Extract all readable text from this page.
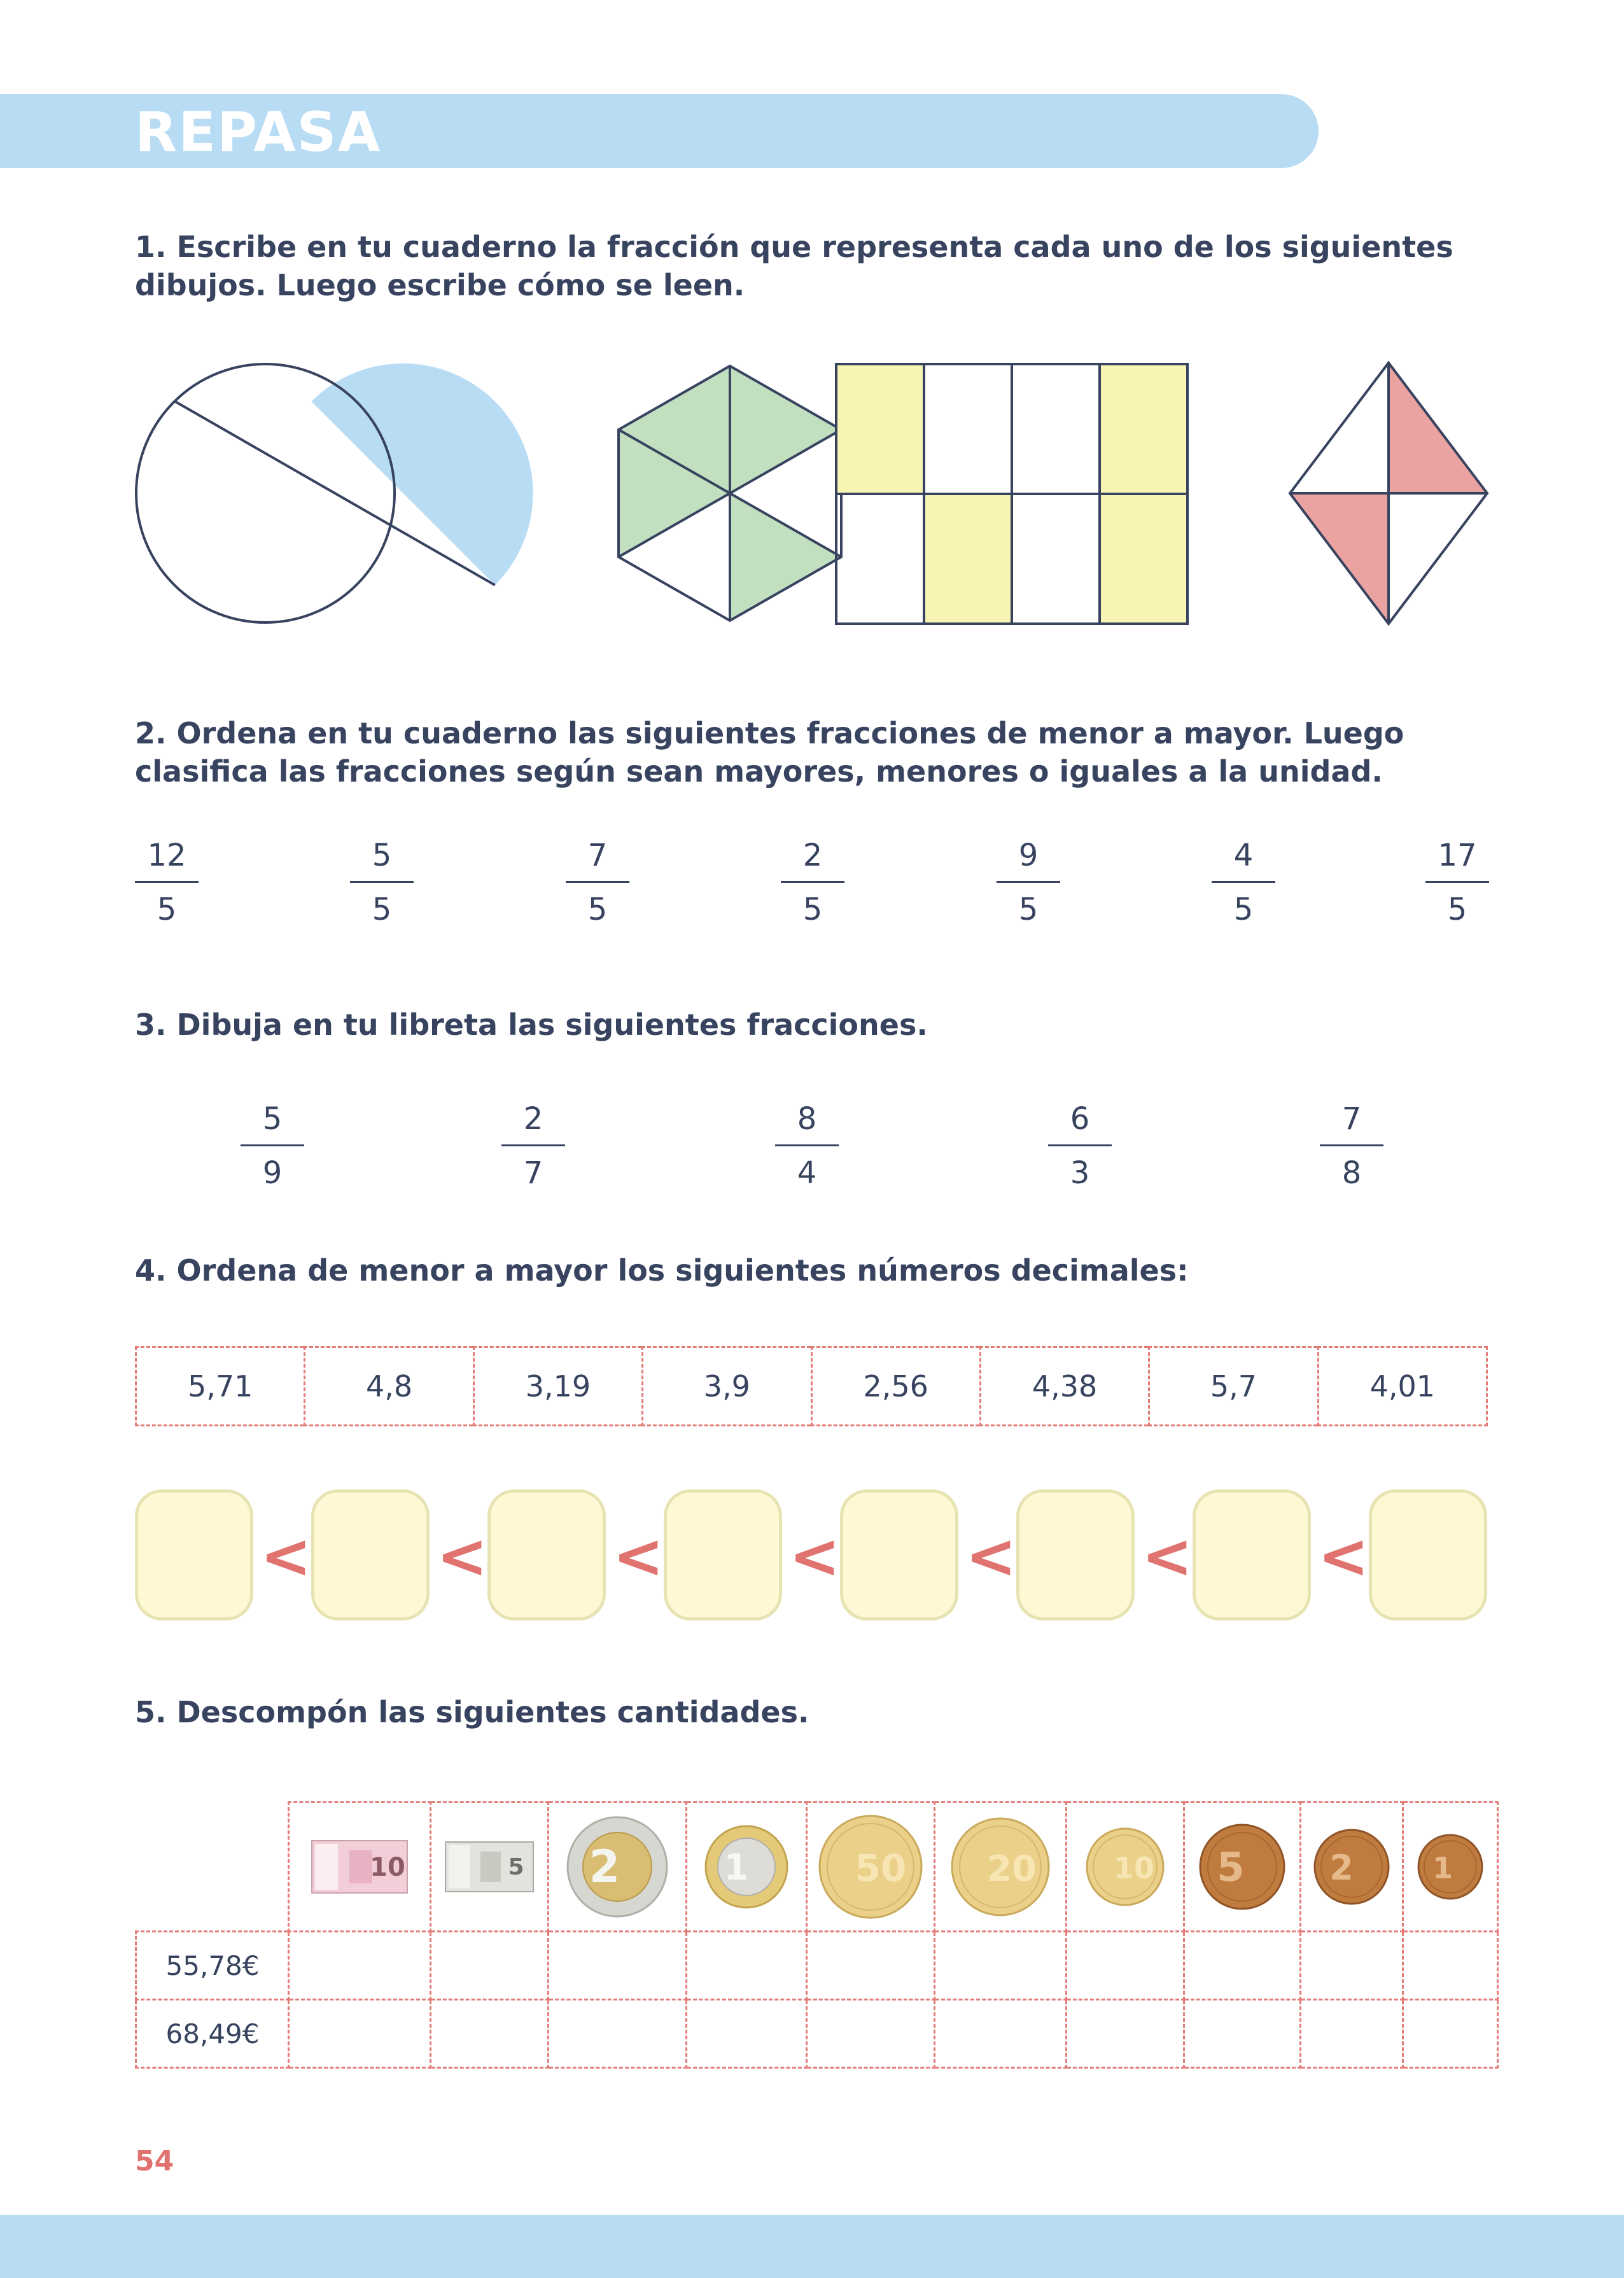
REPASA
1. Escribe en tu cuaderno la fracción que representa cada uno de los siguientes dibujos. Luego escribe cómo se leen.
2. Ordena en tu cuaderno las siguientes fracciones de menor a mayor. Luego clasifica las fracciones según sean mayores, menores o iguales a la unidad.
12
5
5
5
7
5
2
5
9
5
4
5
17
5
3. Dibuja en tu libreta las siguientes fracciones.
5
9
2
7
8
4
6
3
7
8
4. Ordena de menor a mayor los siguientes números decimales:
5,71	4,8	3,19	3,9	2,56	4,38	5,7	4,01
< < < < < < <
5. Descompón las siguientes cantidades.

10	5	2	1	50	20	10	5	2	1

55,78€										
68,49€										
54
